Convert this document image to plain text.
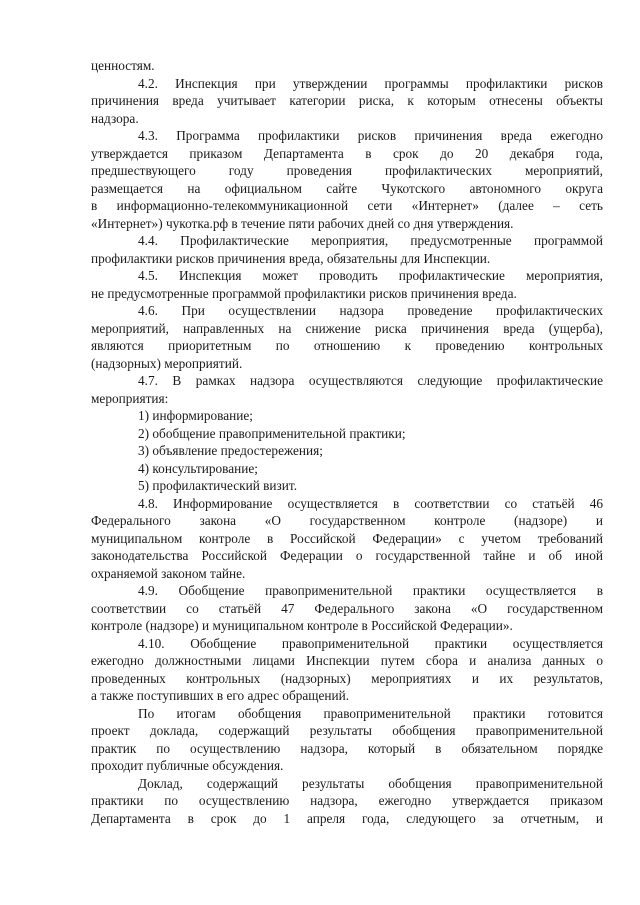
ценностям.

4.2. Инспекция при утверждении программы профилактики рисков

причинения вреда учитывает категории риска, к которым отнесены объекты

надзора.

4.3. Программа профилактики рисков причинения вреда ежегодно

утверждается приказом Департамента в срок до 20 декабря года,

предшествующего году проведения профилактических мероприятий,

размещается на официальном сайте Чукотского автономного округа

в информационно-телекоммуникационной сети «Интернет» (далее – сеть

«Интернет») чукотка.рф в течение пяти рабочих дней со дня утверждения.

4.4. Профилактические мероприятия, предусмотренные программой

профилактики рисков причинения вреда, обязательны для Инспекции.

4.5. Инспекция может проводить профилактические мероприятия,

не предусмотренные программой профилактики рисков причинения вреда.

4.6. При осуществлении надзора проведение профилактических

мероприятий, направленных на снижение риска причинения вреда (ущерба),

являются приоритетным по отношению к проведению контрольных

(надзорных) мероприятий.

4.7. В рамках надзора осуществляются следующие профилактические

мероприятия:

1) информирование;

2) обобщение правоприменительной практики;

3) объявление предостережения;

4) консультирование;

5) профилактический визит.

4.8. Информирование осуществляется в соответствии со статьёй 46

Федерального закона «О государственном контроле (надзоре) и

муниципальном контроле в Российской Федерации» с учетом требований

законодательства Российской Федерации о государственной тайне и об иной

охраняемой законом тайне.

4.9. Обобщение правоприменительной практики осуществляется в

соответствии со статьёй 47 Федерального закона «О государственном

контроле (надзоре) и муниципальном контроле в Российской Федерации».

4.10. Обобщение правоприменительной практики осуществляется

ежегодно должностными лицами Инспекции путем сбора и анализа данных о

проведенных контрольных (надзорных) мероприятиях и их результатов,

а также поступивших в его адрес обращений.

По итогам обобщения правоприменительной практики готовится

проект доклада, содержащий результаты обобщения правоприменительной

практик по осуществлению надзора, который в обязательном порядке

проходит публичные обсуждения.

Доклад, содержащий результаты обобщения правоприменительной

практики по осуществлению надзора, ежегодно утверждается приказом

Департамента в срок до 1 апреля года, следующего за отчетным, и
